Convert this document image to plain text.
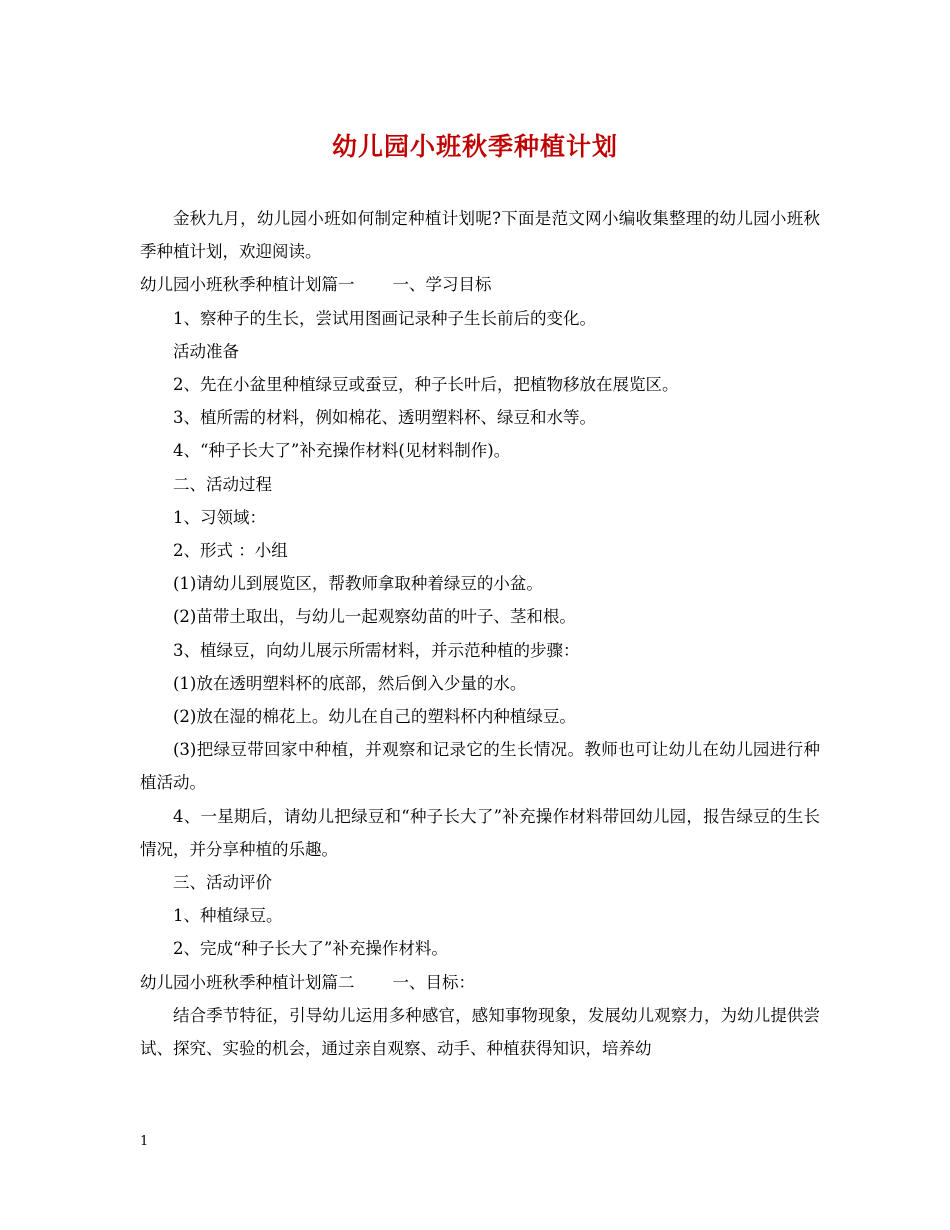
幼儿园小班秋季种植计划

金秋九月，幼儿园小班如何制定种植计划呢?下面是范文网小编收集整理的幼儿园小班秋季种植计划，欢迎阅读。

幼儿园小班秋季种植计划篇一 一、学习目标

1、察种子的生长，尝试用图画记录种子生长前后的变化。

活动准备

2、先在小盆里种植绿豆或蚕豆，种子长叶后，把植物移放在展览区。

3、植所需的材料，例如棉花、透明塑料杯、绿豆和水等。

4、“种子长大了”补充操作材料(见材料制作)。

二、活动过程

1、习领域：

2、形式 ：小组

(1)请幼儿到展览区，帮教师拿取种着绿豆的小盆。

(2)苗带土取出，与幼儿一起观察幼苗的叶子、茎和根。

3、植绿豆，向幼儿展示所需材料，并示范种植的步骤：

(1)放在透明塑料杯的底部，然后倒入少量的水。

(2)放在湿的棉花上。幼儿在自己的塑料杯内种植绿豆。

(3)把绿豆带回家中种植，并观察和记录它的生长情况。教师也可让幼儿在幼儿园进行种植活动。

4、一星期后，请幼儿把绿豆和“种子长大了”补充操作材料带回幼儿园，报告绿豆的生长情况，并分享种植的乐趣。

三、活动评价

1、种植绿豆。

2、完成“种子长大了”补充操作材料。

幼儿园小班秋季种植计划篇二 一、目标：

结合季节特征，引导幼儿运用多种感官，感知事物现象，发展幼儿观察力，为幼儿提供尝试、探究、实验的机会，通过亲自观察、动手、种植获得知识，培养幼

1
